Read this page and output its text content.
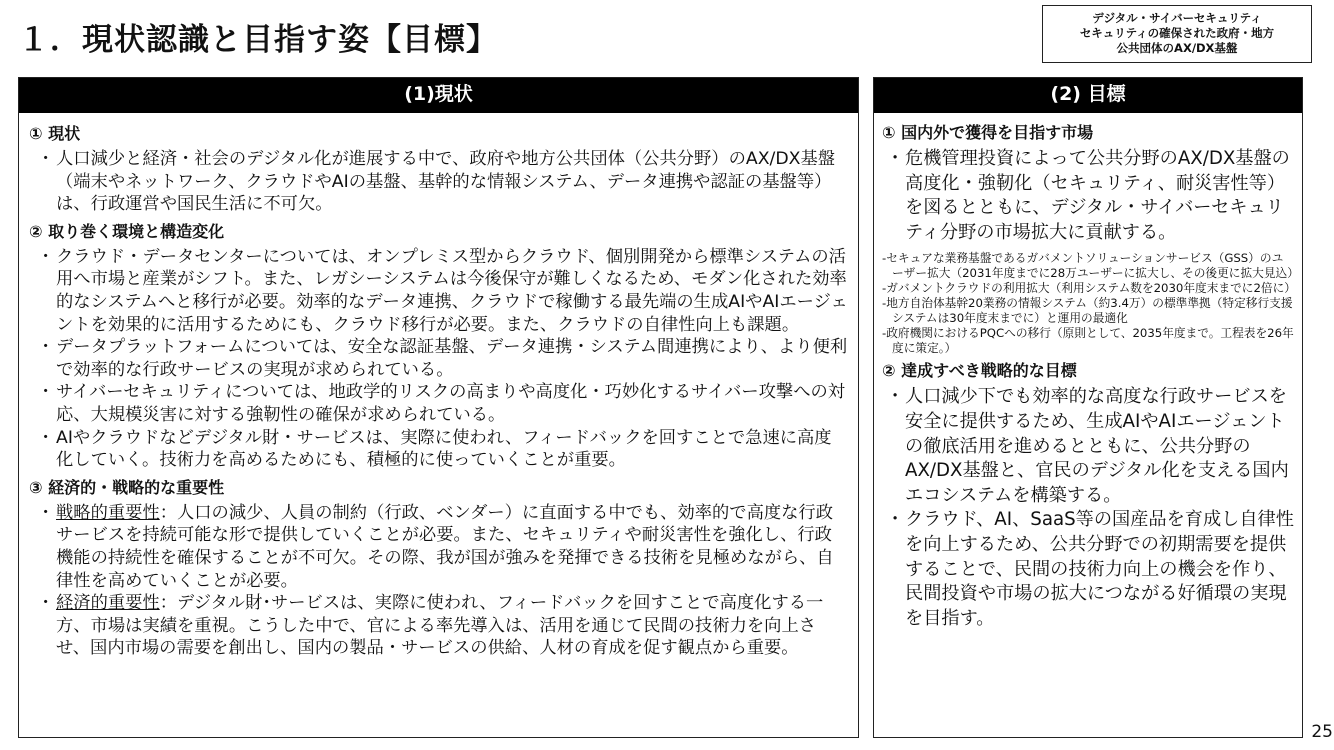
１．現状認識と目指す姿【目標】
デジタル・サイバーセキュリティ
セキュリティの確保された政府・地方
公共団体のAX/DX基盤
(1)現状
① 現状
・ 人口減少と経済・社会のデジタル化が進展する中で、政府や地方公共団体（公共分野）のAX/DX基盤（端末やネットワーク、クラウドやAIの基盤、基幹的な情報システム、データ連携や認証の基盤等）は、行政運営や国民生活に不可欠。
② 取り巻く環境と構造変化
・ クラウド・データセンターについては、オンプレミス型からクラウド、個別開発から標準システムの活用へ市場と産業がシフト。また、レガシーシステムは今後保守が難しくなるため、モダン化された効率的なシステムへと移行が必要。効率的なデータ連携、クラウドで稼働する最先端の生成AIやAIエージェントを効果的に活用するためにも、クラウド移行が必要。また、クラウドの自律性向上も課題。
・ データプラットフォームについては、安全な認証基盤、データ連携・システム間連携により、より便利で効率的な行政サービスの実現が求められている。
・ サイバーセキュリティについては、地政学的リスクの高まりや高度化・巧妙化するサイバー攻撃への対応、大規模災害に対する強靭性の確保が求められている。
・ AIやクラウドなどデジタル財・サービスは、実際に使われ、フィードバックを回すことで急速に高度化していく。技術力を高めるためにも、積極的に使っていくことが重要。
③ 経済的・戦略的な重要性
・ 戦略的重要性：人口の減少、人員の制約（行政、ベンダー）に直面する中でも、効率的で高度な行政サービスを持続可能な形で提供していくことが必要。また、セキュリティや耐災害性を強化し、行政機能の持続性を確保することが不可欠。その際、我が国が強みを発揮できる技術を見極めながら、自律性を高めていくことが必要。
・ 経済的重要性：デジタル財･サービスは、実際に使われ、フィードバックを回すことで高度化する一方、市場は実績を重視。こうした中で、官による率先導入は、活用を通じて民間の技術力を向上させ、国内市場の需要を創出し、国内の製品・サービスの供給、人材の育成を促す観点から重要。
(2) 目標
① 国内外で獲得を目指す市場
・ 危機管理投資によって公共分野のAX/DX基盤の高度化・強靭化（セキュリティ、耐災害性等）を図るとともに、デジタル・サイバーセキュリティ分野の市場拡大に貢献する。
-セキュアな業務基盤であるガバメントソリューションサービス（GSS）のユーザー拡大（2031年度までに28万ユーザーに拡大し、その後更に拡大見込）
-ガバメントクラウドの利用拡大（利用システム数を2030年度末までに2倍に）
-地方自治体基幹20業務の情報システム（約3.4万）の標準準拠（特定移行支援システムは30年度末までに）と運用の最適化
-政府機関におけるPQCへの移行（原則として、2035年度まで。工程表を26年度に策定。）
② 達成すべき戦略的な目標
・ 人口減少下でも効率的な高度な行政サービスを安全に提供するため、生成AIやAIエージェントの徹底活用を進めるとともに、公共分野のAX/DX基盤と、官民のデジタル化を支える国内エコシステムを構築する。
・ クラウド、AI、SaaS等の国産品を育成し自律性を向上するため、公共分野での初期需要を提供することで、民間の技術力向上の機会を作り、民間投資や市場の拡大につながる好循環の実現を目指す。
25
